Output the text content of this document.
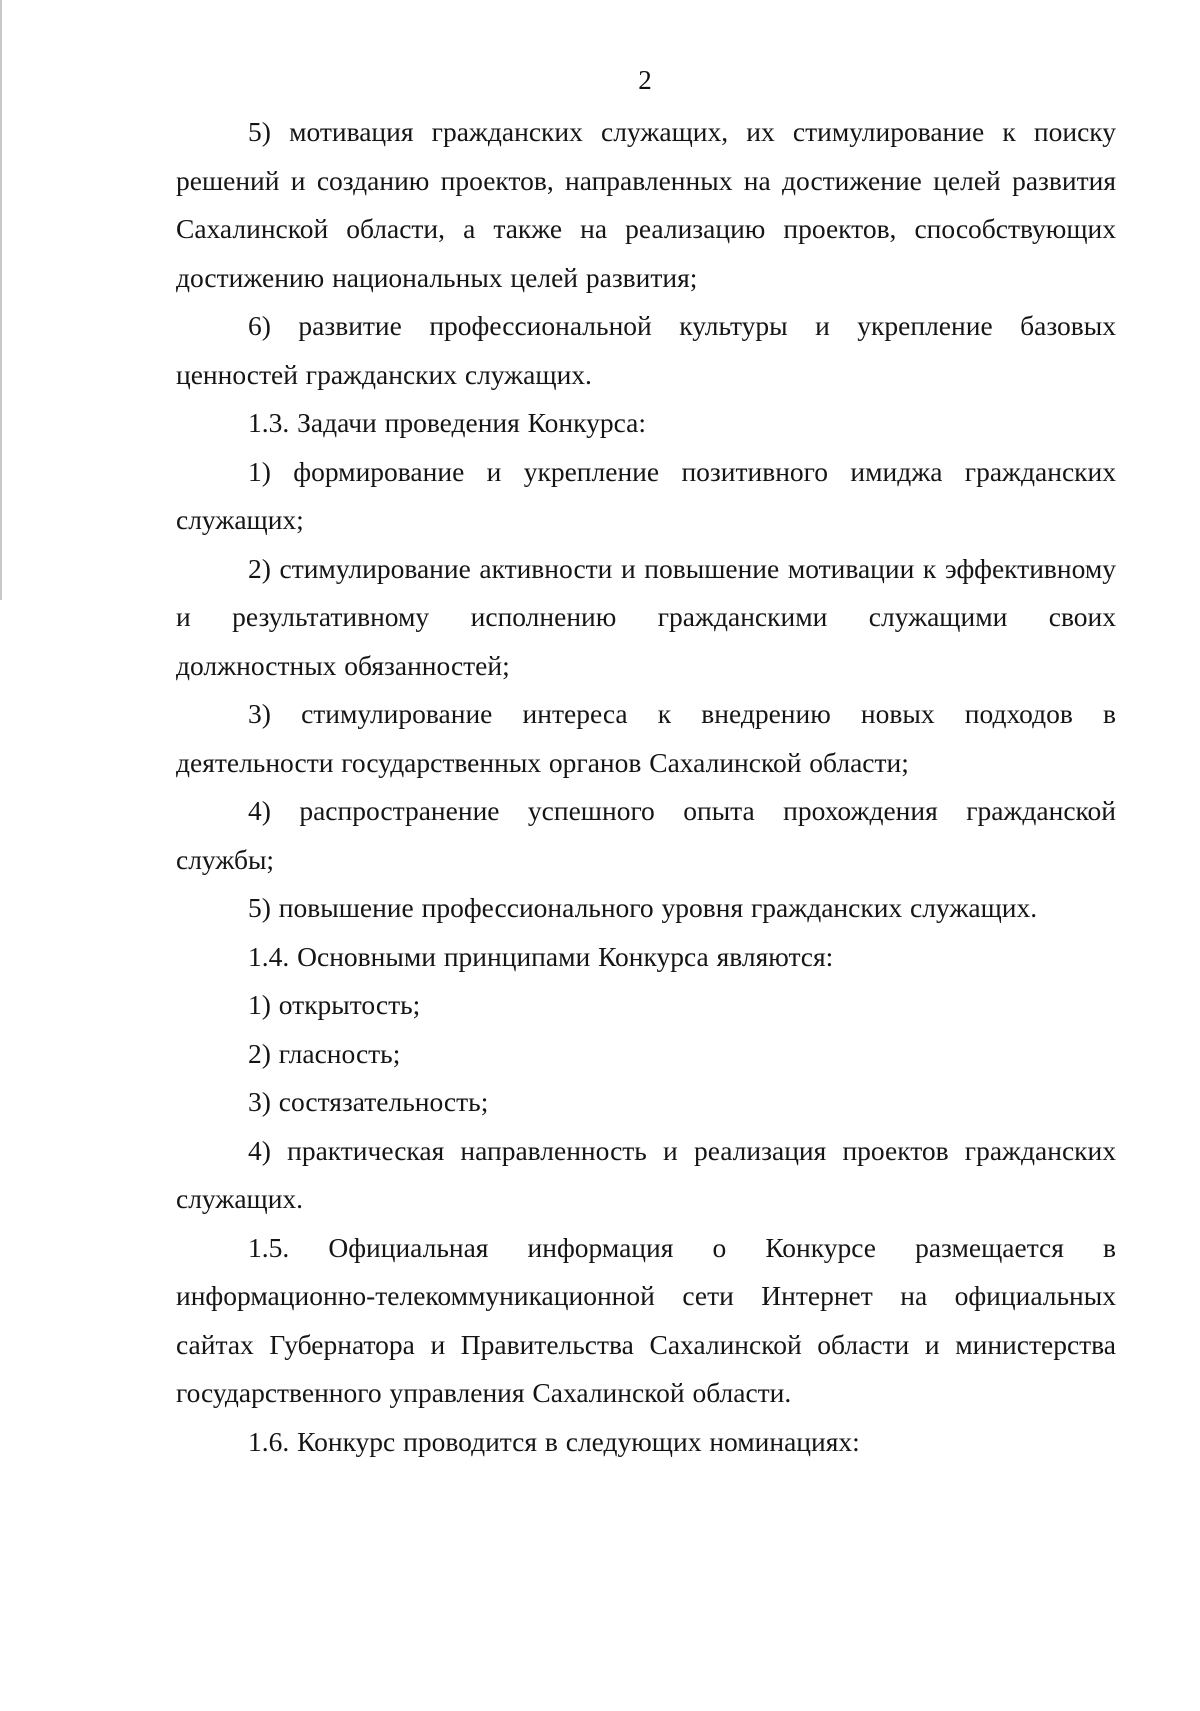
2

5) мотивация гражданских служащих, их стимулирование к поиску решений и созданию проектов, направленных на достижение целей развития Сахалинской области, а также на реализацию проектов, способствующих достижению национальных целей развития;

6) развитие профессиональной культуры и укрепление базовых ценностей гражданских служащих.

1.3. Задачи проведения Конкурса:

1) формирование и укрепление позитивного имиджа гражданских служащих;

2) стимулирование активности и повышение мотивации к эффективному и результативному исполнению гражданскими служащими своих должностных обязанностей;

3) стимулирование интереса к внедрению новых подходов в деятельности государственных органов Сахалинской области;

4) распространение успешного опыта прохождения гражданской службы;

5) повышение профессионального уровня гражданских служащих.

1.4. Основными принципами Конкурса являются:

1) открытость;

2) гласность;

3) состязательность;

4) практическая направленность и реализация проектов гражданских служащих.

1.5. Официальная информация о Конкурсе размещается в информационно-телекоммуникационной сети Интернет на официальных сайтах Губернатора и Правительства Сахалинской области и министерства государственного управления Сахалинской области.

1.6. Конкурс проводится в следующих номинациях:
